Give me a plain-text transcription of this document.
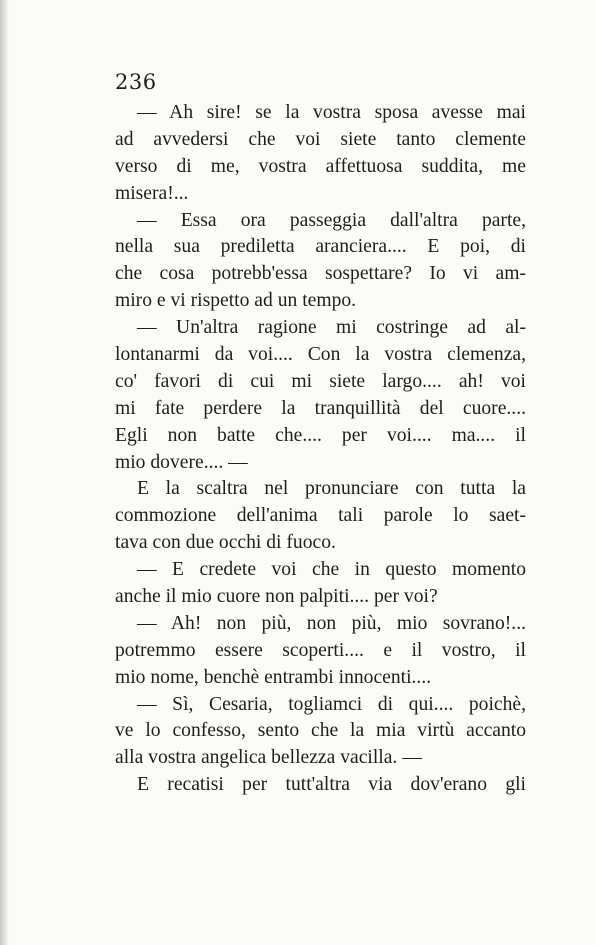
236
— Ah sire! se la vostra sposa avesse mai
ad avvedersi che voi siete tanto clemente
verso di me, vostra affettuosa suddita, me
misera!...
— Essa ora passeggia dall'altra parte,
nella sua prediletta aranciera.... E poi, di
che cosa potrebb'essa sospettare? Io vi am-
miro e vi rispetto ad un tempo.
— Un'altra ragione mi costringe ad al-
lontanarmi da voi.... Con la vostra clemenza,
co' favori di cui mi siete largo.... ah! voi
mi fate perdere la tranquillità del cuore....
Egli non batte che.... per voi.... ma.... il
mio dovere.... —
E la scaltra nel pronunciare con tutta la
commozione dell'anima tali parole lo saet-
tava con due occhi di fuoco.
— E credete voi che in questo momento
anche il mio cuore non palpiti.... per voi?
— Ah! non più, non più, mio sovrano!...
potremmo essere scoperti.... e il vostro, il
mio nome, benchè entrambi innocenti....
— Sì, Cesaria, togliamci di qui.... poichè,
ve lo confesso, sento che la mia virtù accanto
alla vostra angelica bellezza vacilla. —
E recatisi per tutt'altra via dov'erano gli
